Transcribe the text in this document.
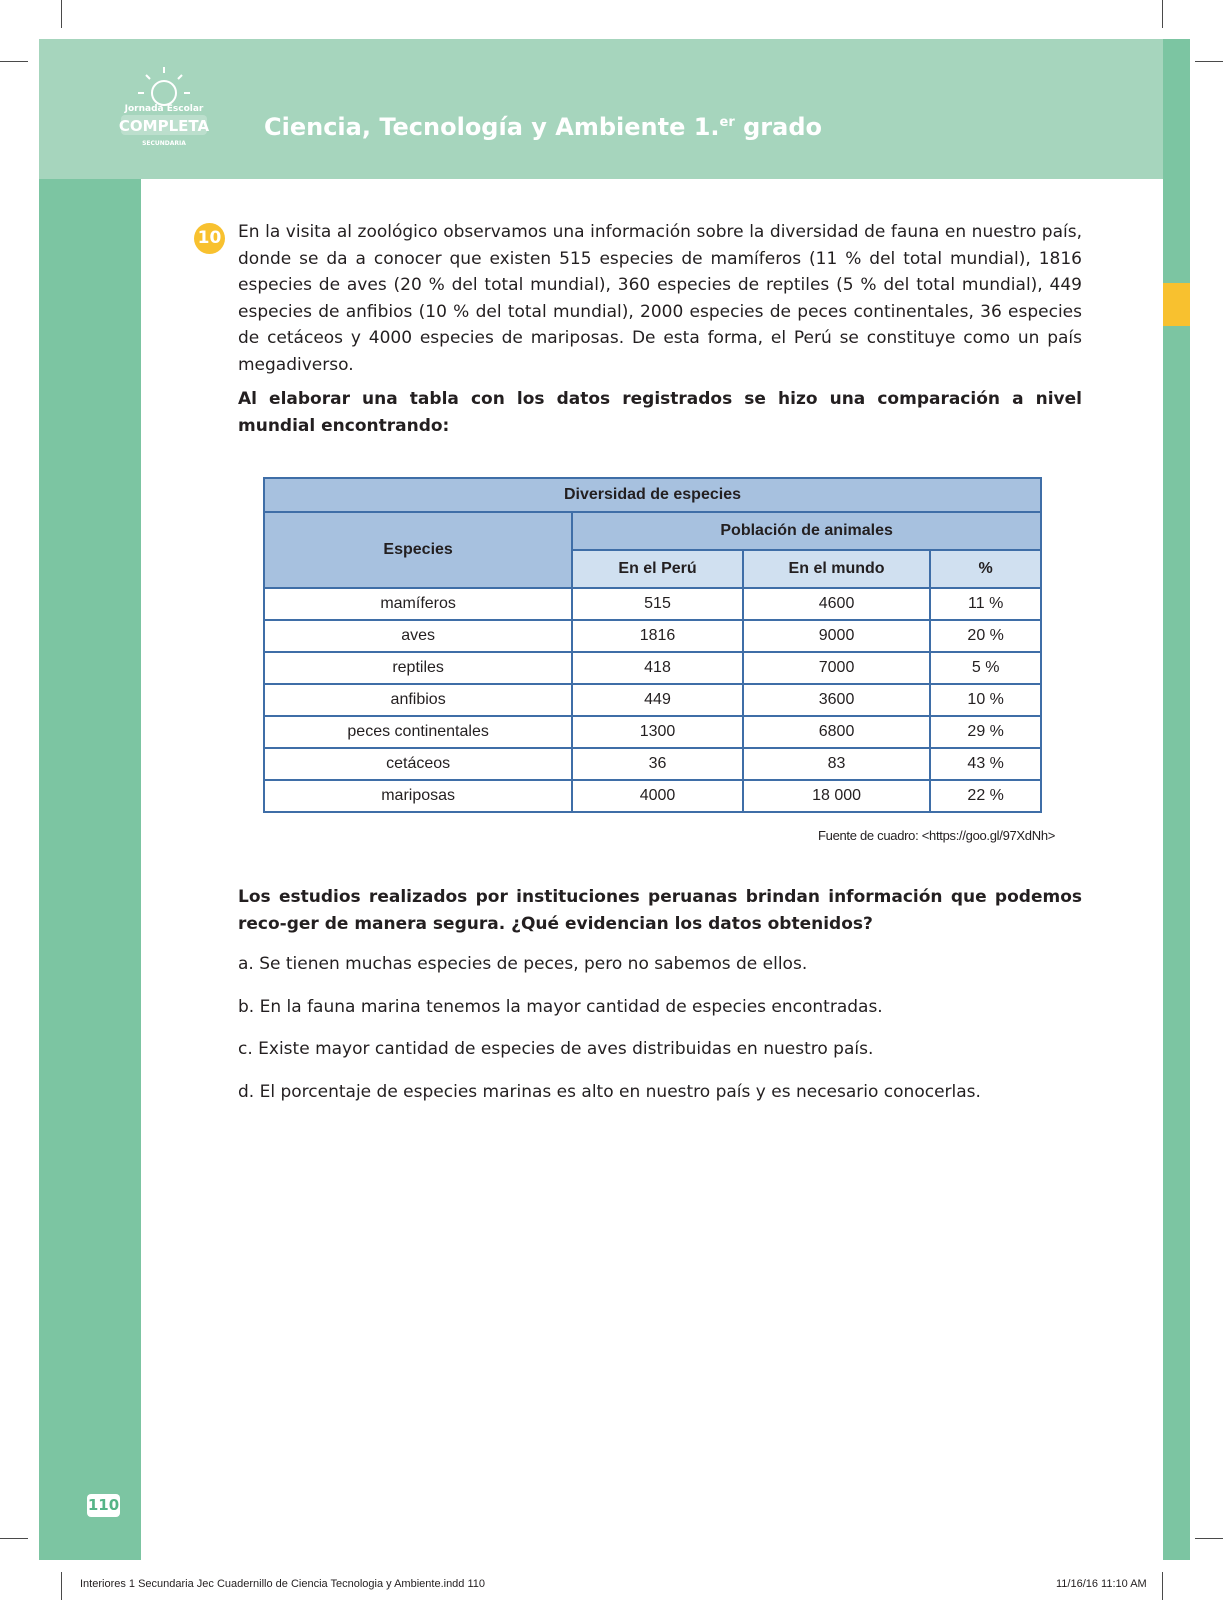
Jornada Escolar
COMPLETA
SECUNDARIA
Ciencia, Tecnología y Ambiente 1.$^{er}$ grado
10 En la visita al zoológico observamos una información sobre la diversidad de fauna en nuestro país, donde se da a conocer que existen 515 especies de mamíferos (11 % del total mundial), 1816 especies de aves (20 % del total mundial), 360 especies de reptiles (5 % del total mundial), 449 especies de anfibios (10 % del total mundial), 2000 especies de peces continentales, 36 especies de cetáceos y 4000 especies de mariposas. De esta forma, el Perú se constituye como un país megadiverso.

Al elaborar una tabla con los datos registrados se hizo una comparación a nivel mundial encontrando:

Diversidad de especies			
Especies	Población de animales		
	En el Perú	En el mundo	%
mamíferos	515	4600	11 %
aves	1816	9000	20 %
reptiles	418	7000	5 %
anfibios	449	3600	10 %
peces continentales	1300	6800	29 %
cetáceos	36	83	43 %
mariposas	4000	18 000	22 %
Fuente de cuadro: <https://goo.gl/97XdNh>

Los estudios realizados por instituciones peruanas brindan información que podemos reco-ger de manera segura. ¿Qué evidencian los datos obtenidos?

a. Se tienen muchas especies de peces, pero no sabemos de ellos.

b. En la fauna marina tenemos la mayor cantidad de especies encontradas.

c. Existe mayor cantidad de especies de aves distribuidas en nuestro país.

d. El porcentaje de especies marinas es alto en nuestro país y es necesario conocerlas.

110
Interiores 1 Secundaria Jec Cuadernillo de Ciencia Tecnologia y Ambiente.indd 110	11/16/16 11:10 AM
